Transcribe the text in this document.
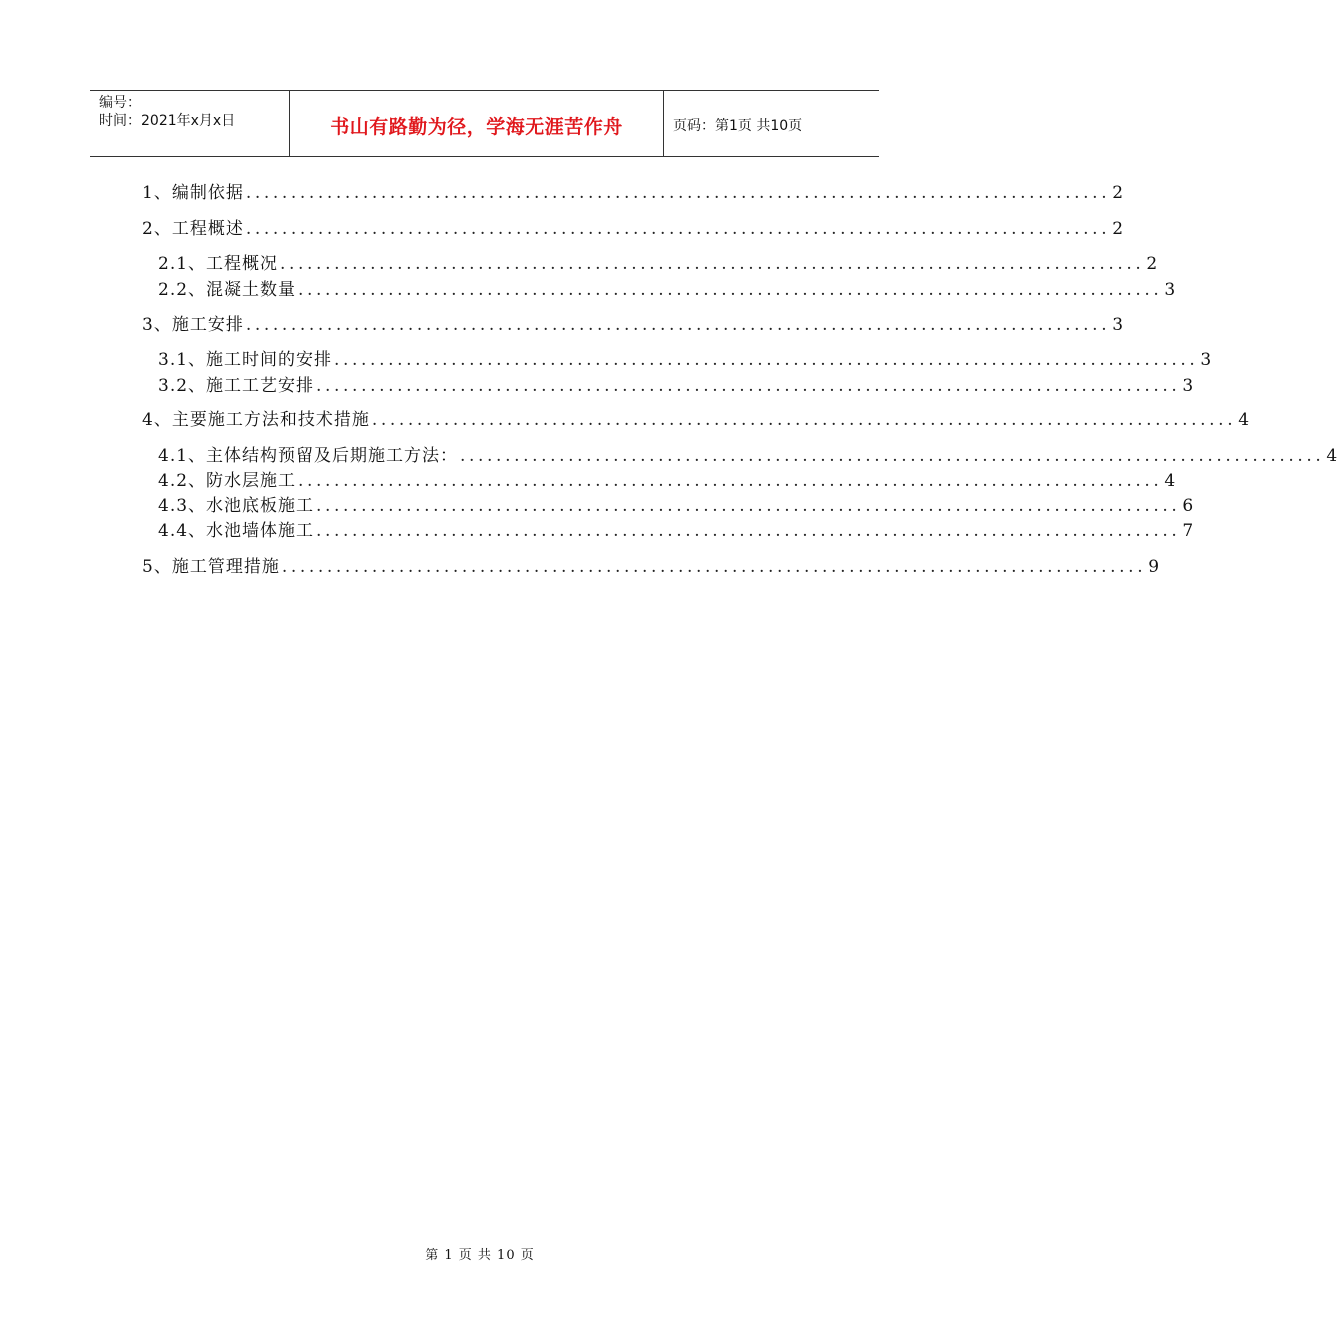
编号：
时间：2021年x月x日	书山有路勤为径，学海无涯苦作舟	页码：第1页 共10页
1、编制依据 ................................................................................................ 2
2、工程概述 ................................................................................................ 2
2.1、工程概况 ................................................................................................ 2
2.2、混凝土数量 ................................................................................................ 3
3、施工安排 ................................................................................................ 3
3.1、施工时间的安排 ................................................................................................ 3
3.2、施工工艺安排 ................................................................................................ 3
4、主要施工方法和技术措施 ................................................................................................ 4
4.1、主体结构预留及后期施工方法： ................................................................................................ 4
4.2、防水层施工 ................................................................................................ 4
4.3、水池底板施工 ................................................................................................ 6
4.4、水池墙体施工 ................................................................................................ 7
5、施工管理措施 ................................................................................................ 9
第 1 页 共 10 页
